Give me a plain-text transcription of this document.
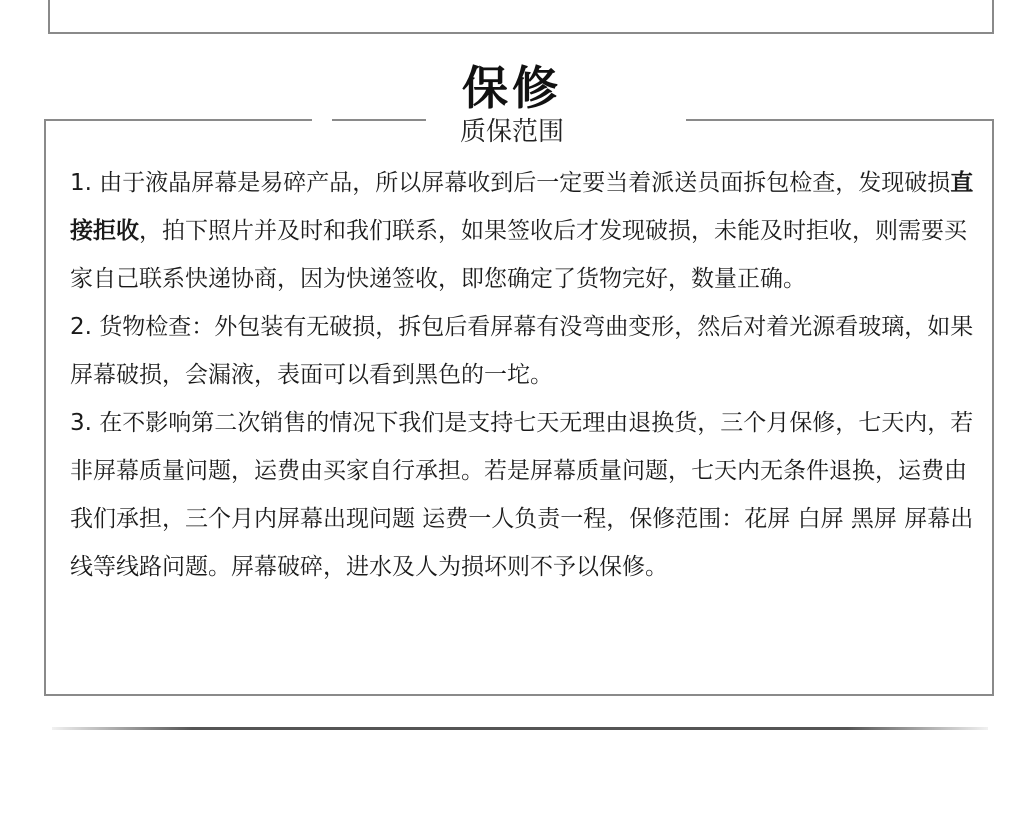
保修
质保范围

1. 由于液晶屏幕是易碎产品，所以屏幕收到后一定要当着派送员面拆包检查，发现破损直接拒收，拍下照片并及时和我们联系，如果签收后才发现破损，未能及时拒收，则需要买家自己联系快递协商，因为快递签收，即您确定了货物完好，数量正确。

2. 货物检查：外包装有无破损，拆包后看屏幕有没弯曲变形，然后对着光源看玻璃，如果屏幕破损，会漏液，表面可以看到黑色的一坨。

3. 在不影响第二次销售的情况下我们是支持七天无理由退换货，三个月保修，七天内，若非屏幕质量问题，运费由买家自行承担。若是屏幕质量问题，七天内无条件退换，运费由我们承担，三个月内屏幕出现问题 运费一人负责一程，保修范围：花屏 白屏 黑屏 屏幕出线等线路问题。屏幕破碎，进水及人为损坏则不予以保修。
